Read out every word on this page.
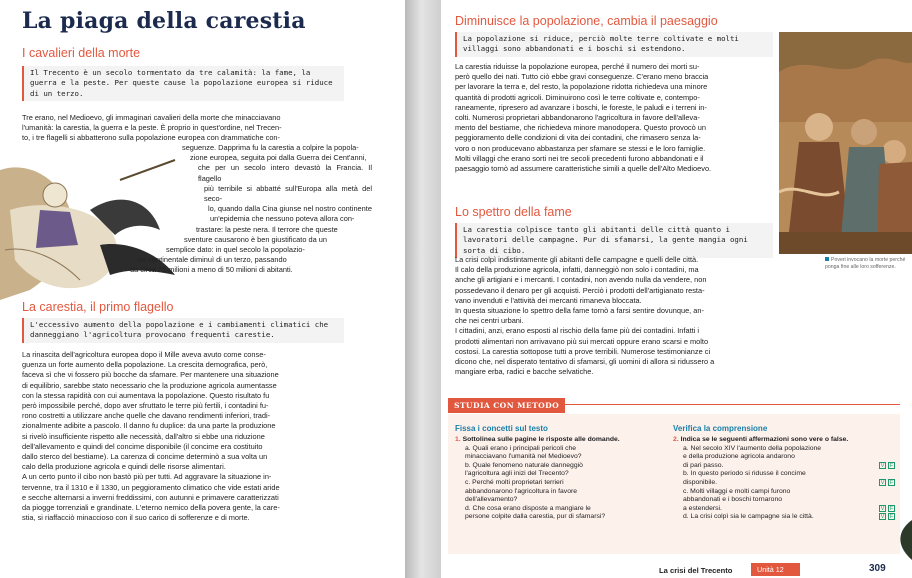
La piaga della carestia
I cavalieri della morte
Il Trecento è un secolo tormentato da tre calamità: la fame, la guerra e la peste. Per queste cause la popolazione europea si riduce di un terzo.

Tre erano, nel Medioevo, gli immaginari cavalieri della morte che minacciavano

l'umanità: la carestia, la guerra e la peste. È proprio in quest'ordine, nel Trecen-

to, i tre flagelli si abbatterono sulla popolazione europea con drammatiche con-

seguenze. Dapprima fu la carestia a colpire la popola-

zione europea, seguita poi dalla Guerra dei Cent'anni,

che per un secolo intero devastò la Francia. Il flagello

più terribile si abbatté sull'Europa alla metà del seco-

lo, quando dalla Cina giunse nel nostro continente

un'epidemia che nessuno poteva allora con-

trastare: la peste nera. Il terrore che queste

sventure causarono è ben giustificato da un

semplice dato: in quel secolo la popolazio-

ne continentale diminuì di un terzo, passando

da circa 75 milioni a meno di 50 milioni di abitanti.

La carestia, il primo flagello
L'eccessivo aumento della popolazione e i cambiamenti climatici che danneggiano l'agricoltura provocano frequenti carestie.

La rinascita dell'agricoltura europea dopo il Mille aveva avuto come conse-

guenza un forte aumento della popolazione. La crescita demografica, però,

faceva sì che vi fossero più bocche da sfamare. Per mantenere una situazione

di equilibrio, sarebbe stato necessario che la produzione agricola aumentasse

con la stessa rapidità con cui aumentava la popolazione. Questo risultato fu

però impossibile perché, dopo aver sfruttato le terre più fertili, i contadini fu-

rono costretti a utilizzare anche quelle che davano rendimenti inferiori, tradi-

zionalmente adibite a pascolo. Il danno fu duplice: da una parte la produzione

si rivelò insufficiente rispetto alle necessità, dall'altro si ebbe una riduzione

dell'allevamento e quindi del concime disponibile (il concime era costituito

dallo sterco del bestiame). La carenza di concime determinò a sua volta un

calo della produzione agricola e quindi delle risorse alimentari.

A un certo punto il cibo non bastò più per tutti. Ad aggravare la situazione in-

tervenne, tra il 1310 e il 1330, un peggioramento climatico che vide estati aride

e secche alternarsi a inverni freddissimi, con autunni e primavere caratterizzati

da piogge torrenziali e grandinate. L'eterno nemico della povera gente, la care-

stia, si riaffacciò minaccioso con il suo carico di sofferenze e di morte.

Diminuisce la popolazione, cambia il paesaggio
La popolazione si riduce, perciò molte terre coltivate e molti villaggi sono abbandonati e i boschi si estendono.
Poveri invocano la morte perché ponga fine alle loro sofferenze.

La carestia riduisse la popolazione europea, perché il numero dei morti su-

però quello dei nati. Tutto ciò ebbe gravi conseguenze. C'erano meno braccia

per lavorare la terra e, del resto, la popolazione ridotta richiedeva una minore

quantità di prodotti agricoli. Diminuirono così le terre coltivate e, contempo-

raneamente, ripresero ad avanzare i boschi, le foreste, le paludi e i terreni in-

colti. Numerosi proprietari abbandonarono l'agricoltura in favore dell'alleva-

mento del bestiame, che richiedeva minore manodopera. Questo provocò un

peggioramento delle condizioni di vita dei contadini, che rimasero senza la-

voro o non producevano abbastanza per sfamare se stessi e le loro famiglie.

Molti villaggi che erano sorti nei tre secoli precedenti furono abbandonati e il

paesaggio tornò ad assumere caratteristiche simili a quelle dell'Alto Medioevo.

Lo spettro della fame
La carestia colpisce tanto gli abitanti delle città quanto i lavoratori delle campagne. Pur di sfamarsi, la gente mangia ogni sorta di cibo.

La crisi colpì indistintamente gli abitanti delle campagne e quelli delle città.

Il calo della produzione agricola, infatti, danneggiò non solo i contadini, ma

anche gli artigiani e i mercanti. I contadini, non avendo nulla da vendere, non

possedevano il denaro per gli acquisti. Perciò i prodotti dell'artigianato resta-

vano invenduti e l'attività dei mercanti rimaneva bloccata.

In questa situazione lo spettro della fame tornò a farsi sentire dovunque, an-

che nei centri urbani.

I cittadini, anzi, erano esposti al rischio della fame più dei contadini. Infatti i

prodotti alimentari non arrivavano più sui mercati oppure erano scarsi e molto

costosi. La carestia sottopose tutti a prove terribili. Numerose testimonianze ci

dicono che, nel disperato tentativo di sfamarsi, gli uomini di allora si ridussero a

mangiare erba, radici e bacche selvatiche.

STUDIA CON METODO
Fissa i concetti sul testo
1. Sottolinea sulle pagine le risposte alle domande.
a. Quali erano i principali pericoli che
minacciavano l'umanità nel Medioevo?
b. Quale fenomeno naturale danneggiò
l'agricoltura agli inizi del Trecento?
c. Perché molti proprietari terrieri
abbandonarono l'agricoltura in favore
dell'allevamento?
d. Che cosa erano disposte a mangiare le
persone colpite dalla carestia, pur di sfamarsi?
Verifica la comprensione
2. Indica se le seguenti affermazioni sono vere o false.
a. Nel secolo XIV l'aumento della popolazione
e della produzione agricola andarono
di pari passo.	V F
b. In questo periodo si ridusse il concime
disponibile.	V F
c. Molti villaggi e molti campi furono
abbandonati e i boschi tornarono
a estendersi.	V F
d. La crisi colpì sia le campagne sia le città.	V F
La crisi del Trecento	Unità 12	309
